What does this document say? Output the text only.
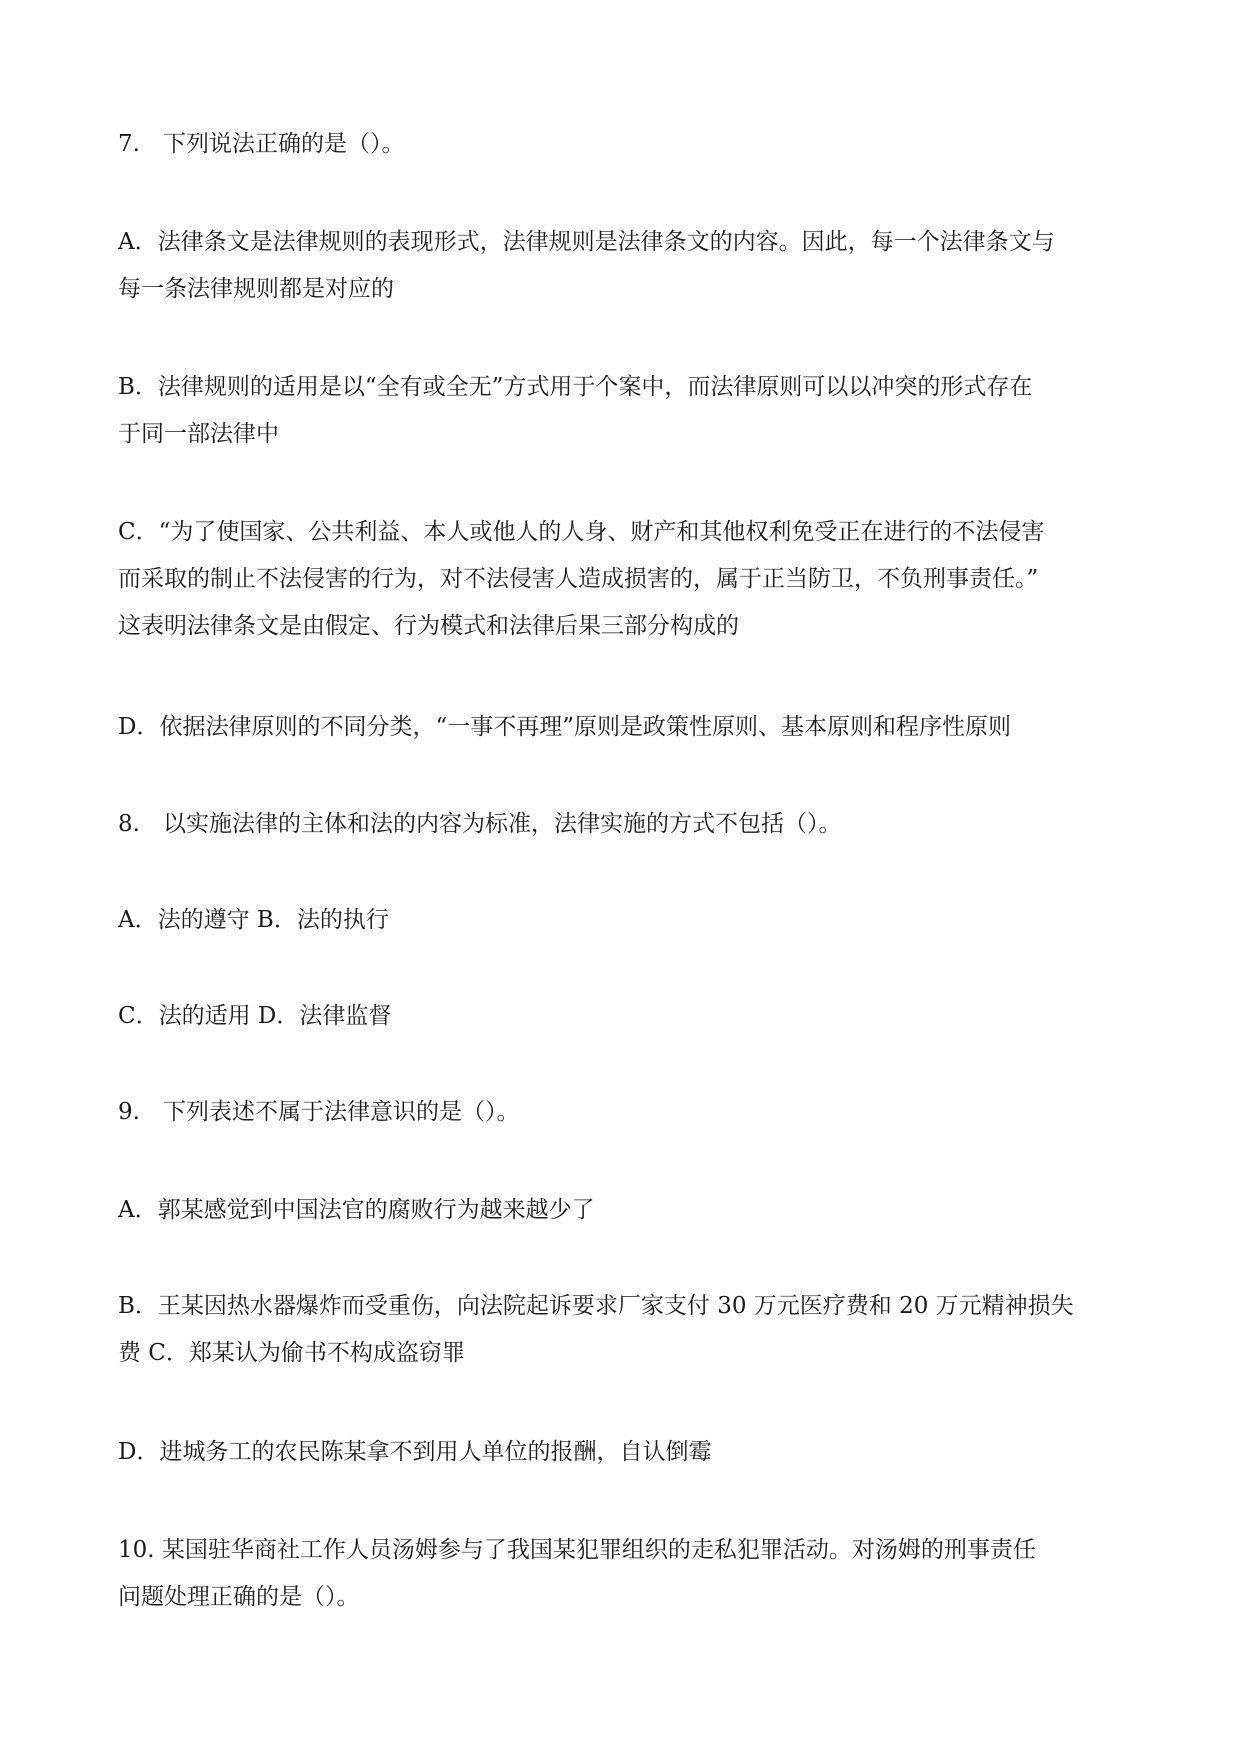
7.　下列说法正确的是（）。
A．法律条文是法律规则的表现形式，法律规则是法律条文的内容。因此，每一个法律条文与
每一条法律规则都是对应的
B．法律规则的适用是以“全有或全无”方式用于个案中，而法律原则可以以冲突的形式存在
于同一部法律中
C．“为了使国家、公共利益、本人或他人的人身、财产和其他权利免受正在进行的不法侵害
而采取的制止不法侵害的行为，对不法侵害人造成损害的，属于正当防卫，不负刑事责任。”
这表明法律条文是由假定、行为模式和法律后果三部分构成的
D．依据法律原则的不同分类，“一事不再理”原则是政策性原则、基本原则和程序性原则
8.　以实施法律的主体和法的内容为标准，法律实施的方式不包括（）。
A．法的遵守 B．法的执行
C．法的适用 D．法律监督
9.　下列表述不属于法律意识的是（）。
A．郭某感觉到中国法官的腐败行为越来越少了
B．王某因热水器爆炸而受重伤，向法院起诉要求厂家支付 30 万元医疗费和 20 万元精神损失
费 C．郑某认为偷书不构成盗窃罪
D．进城务工的农民陈某拿不到用人单位的报酬，自认倒霉
10. 某国驻华商社工作人员汤姆参与了我国某犯罪组织的走私犯罪活动。对汤姆的刑事责任
问题处理正确的是（）。
